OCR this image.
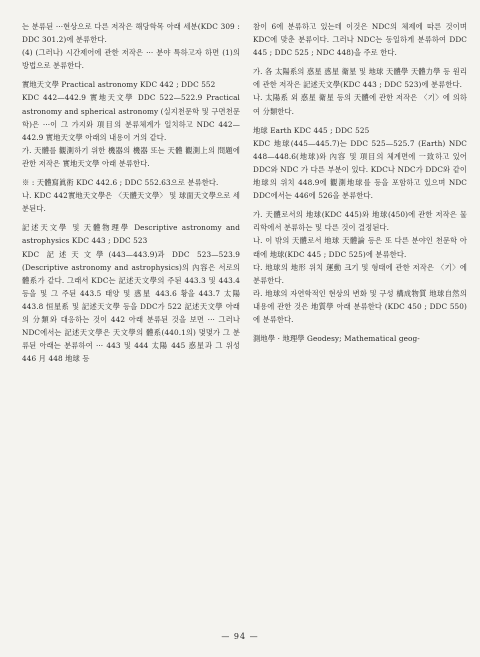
는 분류된 ···현상으로 다른 저작은 해당학목 아래 세분(KDC 309 : DDC 301.2)에 분류한다.

(4) (그러나) 시간제어에 관한 저작은 ··· 분야 특하고자 하면 (1)의 방법으로 분류한다.

實地天文學 Practical astronomy KDC 442 ; DDC 552

KDC 442—442.9 實地天文學 DDC 522—522.9 Practical astronomy and spherical astronomy (실지천문학 및 구면천문학)은 ···이 그 가지와 項目의 분류체계가 일치하고 NDC 442—442.9 實地天文學 아래의 내용이 거의 같다.

가. 天體를 觀測하기 위한 機器의 機器 또는 天體 觀測上의 問題에 관한 저작은 實地天文學 아래 분류한다.

※ : 天體寫眞術 KDC 442.6 ; DDC 552.63으로 분류한다.

나. KDC 442實地天文學은 〈天體天文學〉 및 球面天文學으로 세분된다.

記述天文學 및 天體物理學 Descriptive astronomy and astrophysics KDC 443 ; DDC 523

KDC 記述天文學(443—443.9)과 DDC 523—523.9 (Descriptive astronomy and astrophysics)의 內容은 서로의 體系가 같다. 그래서 KDC는 記述天文學의 주된 443.3 및 443.4 등을 및 그 주된 443.5 태양 및 惑星 443.6 황을 443.7 太陽 443.8 恒星系 및 記述天文學 등을 DDC가 522 記述天文學 아래의 分類와 대응하는 것이 442 아래 분류된 것을 보면 ··· 그러나 NDC에서는 記述天文學은 天文學의 體系(440.1의) 몇몇가 그 분류된 아래는 분류하여 ··· 443 및 444 太陽 445 惑星과 그 위성 446 月 448 地球 등

참이 6에 분류하고 있는데 이것은 NDC의 체제에 따른 것이며 KDC에 맞춘 분류이다. 그러나 NDC는 동일하게 분류하여 DDC 445 ; DDC 525 ; NDC 448)을 주로 한다.

가. 各 太陽系의 惑星 惑星 衛星 및 地球 天體學 天體力學 등 원리에 관한 저작은 記述天文學(KDC 443 ; DDC 523)에 분류한다.

나. 太陽系 외 惑星 衛星 등의 天體에 관한 저작은 〈기〉에 의하여 分類한다.

地球 Earth KDC 445 ; DDC 525

KDC 地球(445—445.7)는 DDC 525—525.7 (Earth) NDC 448—448.6(地球)와 內容 및 項目의 체계면에 一致하고 있어 DDC와 NDC 가 다른 부분이 있다. KDC나 NDC가 DDC와 같이 地球의 위치 448.9에 觀測地球를 등을 포함하고 있으며 NDC DDC에서는 446에 526을 분류한다.

가. 天體로서의 地球(KDC 445)와 地球(450)에 관한 저작은 물리학에서 분류하는 및 다른 것이 결정된다.

나. 이 밖의 天體로서 地球 天體論 등은 또 다른 분야인 천문학 아래에 地球(KDC 445 ; DDC 525)에 분류한다.

다. 地球의 地形 위치 運動 크기 및 형태에 관한 저작은 〈기〉에 분류한다.

라. 地球의 자연학적인 현상의 변화 및 구성 構成物質 地球自然의 내용에 관한 것은 地質學 아래 분류한다 (KDC 450 ; DDC 550)에 분류한다.

測地學 · 地理學 Geodesy; Mathematical geog-

— 94 —
